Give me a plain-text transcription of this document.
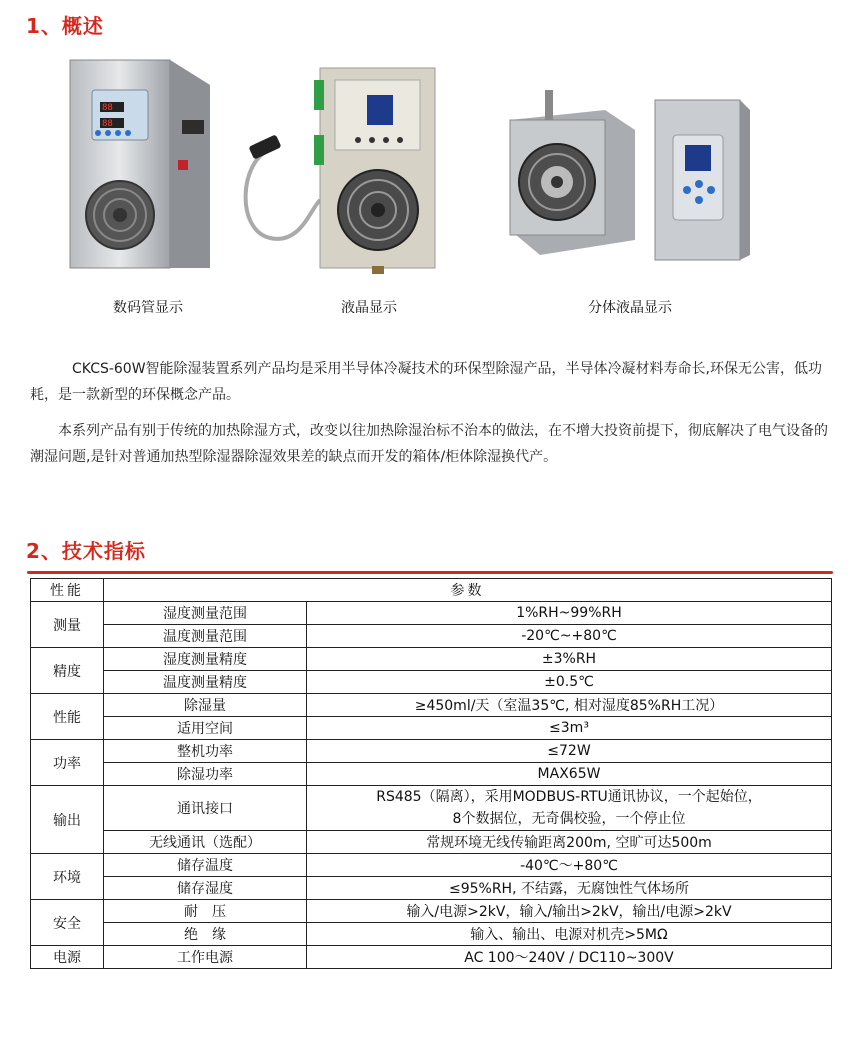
1、概述
88
88
数码管显示	液晶显示	分体液晶显示

CKCS-60W智能除湿装置系列产品均是采用半导体冷凝技术的环保型除湿产品，半导体冷凝材料寿命长,环保无公害，低功耗，是一款新型的环保概念产品。

本系列产品有别于传统的加热除湿方式，改变以往加热除湿治标不治本的做法，在不增大投资前提下，彻底解决了电气设备的潮湿问题,是针对普通加热型除湿器除湿效果差的缺点而开发的箱体/柜体除湿换代产。

2、技术指标
性能	参数	
测量	湿度测量范围	1%RH~99%RH
	温度测量范围	-20℃~+80℃
精度	湿度测量精度	±3%RH
	温度测量精度	±0.5℃
性能	除湿量	≥450ml/天（室温35℃, 相对湿度85%RH工况）
	适用空间	≤3m³
功率	整机功率	≤72W
	除湿功率	MAX65W
输出	通讯接口	RS485（隔离），采用MODBUS-RTU通讯协议，一个起始位，
8个数据位，无奇偶校验，一个停止位

	无线通讯（选配）	常规环境无线传输距离200m, 空旷可达500m
环境	储存温度	-40℃～+80℃
	储存湿度	≤95%RH, 不结露，无腐蚀性气体场所
安全	耐　压	输入/电源>2kV，输入/输出>2kV，输出/电源>2kV
	绝　缘	输入、输出、电源对机壳>5MΩ
电源	工作电源	AC 100～240V / DC110~300V
